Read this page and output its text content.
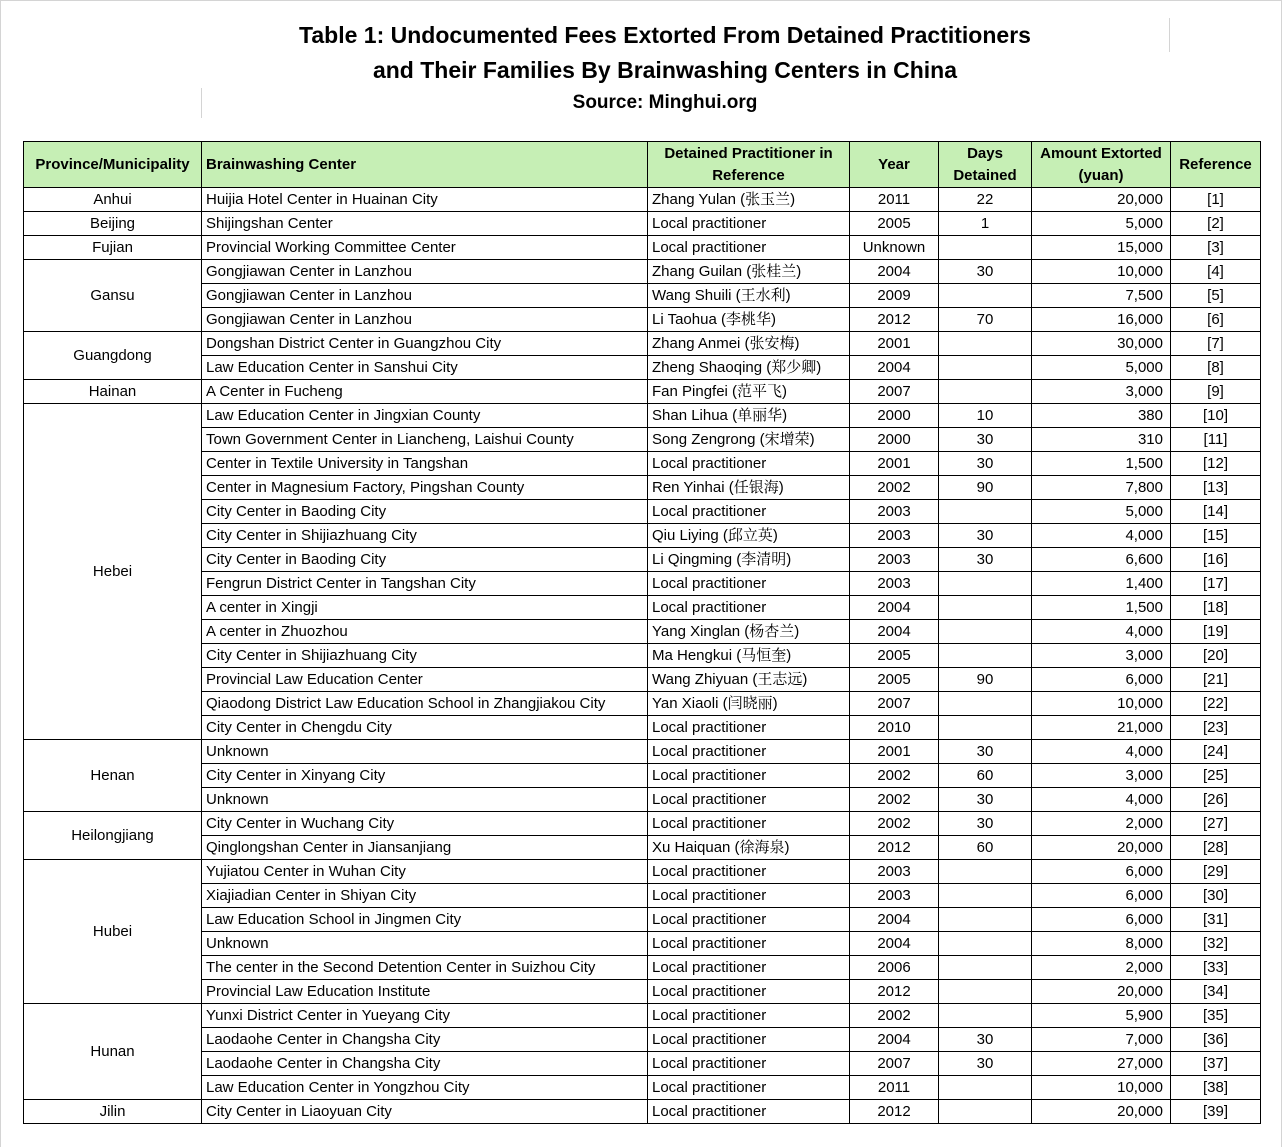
Table 1: Undocumented Fees Extorted From Detained Practitioners
and Their Families By Brainwashing Centers in China
Source: Minghui.org
Province/Municipality	Brainwashing Center	Detained Practitioner in Reference	Year	Days Detained	Amount Extorted (yuan)	Reference
Anhui	Huijia Hotel Center in Huainan City	Zhang Yulan (张玉兰)	2011	22	20,000	[1]
Beijing	Shijingshan Center	Local practitioner	2005	1	5,000	[2]
Fujian	Provincial Working Committee Center	Local practitioner	Unknown		15,000	[3]
Gansu	Gongjiawan Center in Lanzhou	Zhang Guilan (张桂兰)	2004	30	10,000	[4]
	Gongjiawan Center in Lanzhou	Wang Shuili (王水利)	2009		7,500	[5]
	Gongjiawan Center in Lanzhou	Li Taohua (李桃华)	2012	70	16,000	[6]
Guangdong	Dongshan District Center in Guangzhou City	Zhang Anmei (张安梅)	2001		30,000	[7]
	Law Education Center in Sanshui City	Zheng Shaoqing (郑少卿)	2004		5,000	[8]
Hainan	A Center in Fucheng	Fan Pingfei (范平飞)	2007		3,000	[9]
Hebei	Law Education Center in Jingxian County	Shan Lihua (单丽华)	2000	10	380	[10]
	Town Government Center in Liancheng, Laishui County	Song Zengrong (宋增荣)	2000	30	310	[11]
	Center in Textile University in Tangshan	Local practitioner	2001	30	1,500	[12]
	Center in Magnesium Factory, Pingshan County	Ren Yinhai (任银海)	2002	90	7,800	[13]
	City Center in Baoding City	Local practitioner	2003		5,000	[14]
	City Center in Shijiazhuang City	Qiu Liying (邱立英)	2003	30	4,000	[15]
	City Center in Baoding City	Li Qingming (李清明)	2003	30	6,600	[16]
	Fengrun District Center in Tangshan City	Local practitioner	2003		1,400	[17]
	A center in Xingji	Local practitioner	2004		1,500	[18]
	A center in Zhuozhou	Yang Xinglan (杨杏兰)	2004		4,000	[19]
	City Center in Shijiazhuang City	Ma Hengkui (马恒奎)	2005		3,000	[20]
	Provincial Law Education Center	Wang Zhiyuan (王志远)	2005	90	6,000	[21]
	Qiaodong District Law Education School in Zhangjiakou City	Yan Xiaoli (闫晓丽)	2007		10,000	[22]
	City Center in Chengdu City	Local practitioner	2010		21,000	[23]
Henan	Unknown	Local practitioner	2001	30	4,000	[24]
	City Center in Xinyang City	Local practitioner	2002	60	3,000	[25]
	Unknown	Local practitioner	2002	30	4,000	[26]
Heilongjiang	City Center in Wuchang City	Local practitioner	2002	30	2,000	[27]
	Qinglongshan Center in Jiansanjiang	Xu Haiquan (徐海泉)	2012	60	20,000	[28]
Hubei	Yujiatou Center in Wuhan City	Local practitioner	2003		6,000	[29]
	Xiajiadian Center in Shiyan City	Local practitioner	2003		6,000	[30]
	Law Education School in Jingmen City	Local practitioner	2004		6,000	[31]
	Unknown	Local practitioner	2004		8,000	[32]
	The center in the Second Detention Center in Suizhou City	Local practitioner	2006		2,000	[33]
	Provincial Law Education Institute	Local practitioner	2012		20,000	[34]
Hunan	Yunxi District Center in Yueyang City	Local practitioner	2002		5,900	[35]
	Laodaohe Center in Changsha City	Local practitioner	2004	30	7,000	[36]
	Laodaohe Center in Changsha City	Local practitioner	2007	30	27,000	[37]
	Law Education Center in Yongzhou City	Local practitioner	2011		10,000	[38]
Jilin	City Center in Liaoyuan City	Local practitioner	2012		20,000	[39]
